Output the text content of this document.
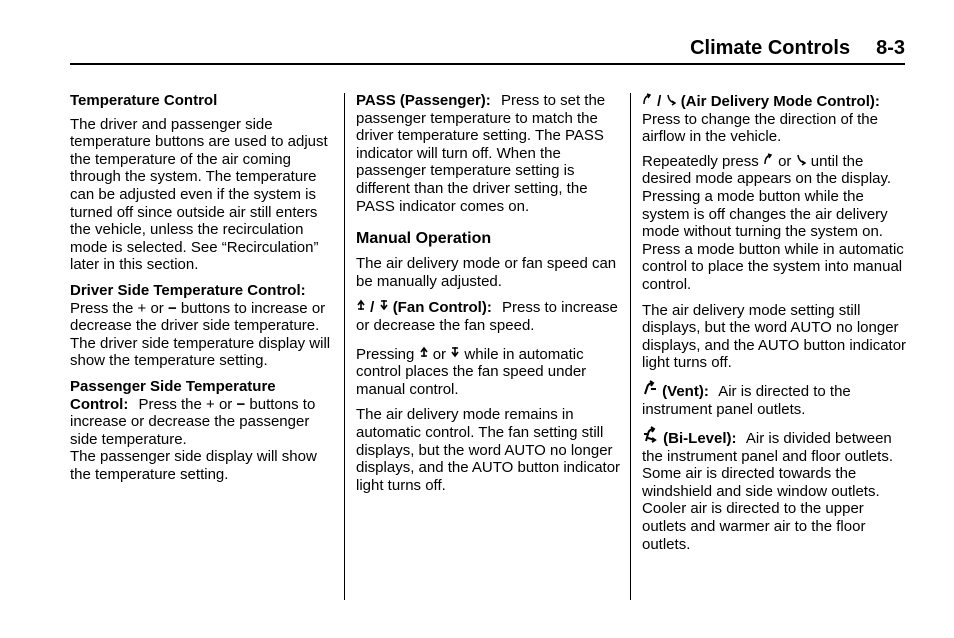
Climate Controls 8-3

Temperature Control

The driver and passenger side temperature buttons are used to adjust the temperature of the air coming through the system. The temperature can be adjusted even if the system is turned off since outside air still enters the vehicle, unless the recirculation mode is selected. See “Recirculation” later in this section.

Driver Side Temperature Control: Press the + or − buttons to increase or decrease the driver side temperature. The driver side temperature display will show the temperature setting.

Passenger Side Temperature Control: Press the + or − buttons to increase or decrease the passenger side temperature.
The passenger side display will show the temperature setting.

PASS (Passenger): Press to set the passenger temperature to match the driver temperature setting. The PASS indicator will turn off. When the passenger temperature setting is different than the driver setting, the PASS indicator comes on.

Manual Operation

The air delivery mode or fan speed can be manually adjusted.

/ (Fan Control): Press to increase or decrease the fan speed.

Pressing or while in automatic control places the fan speed under manual control.

The air delivery mode remains in automatic control. The fan setting still displays, but the word AUTO no longer displays, and the AUTO button indicator light turns off.

/ (Air Delivery Mode Control): Press to change the direction of the airflow in the vehicle.

Repeatedly press or until the desired mode appears on the display. Pressing a mode button while the system is off changes the air delivery mode without turning the system on. Press a mode button while in automatic control to place the system into manual control.

The air delivery mode setting still displays, but the word AUTO no longer displays, and the AUTO button indicator light turns off.

(Vent): Air is directed to the instrument panel outlets.

(Bi-Level): Air is divided between the instrument panel and floor outlets. Some air is directed towards the windshield and side window outlets. Cooler air is directed to the upper outlets and warmer air to the floor outlets.
